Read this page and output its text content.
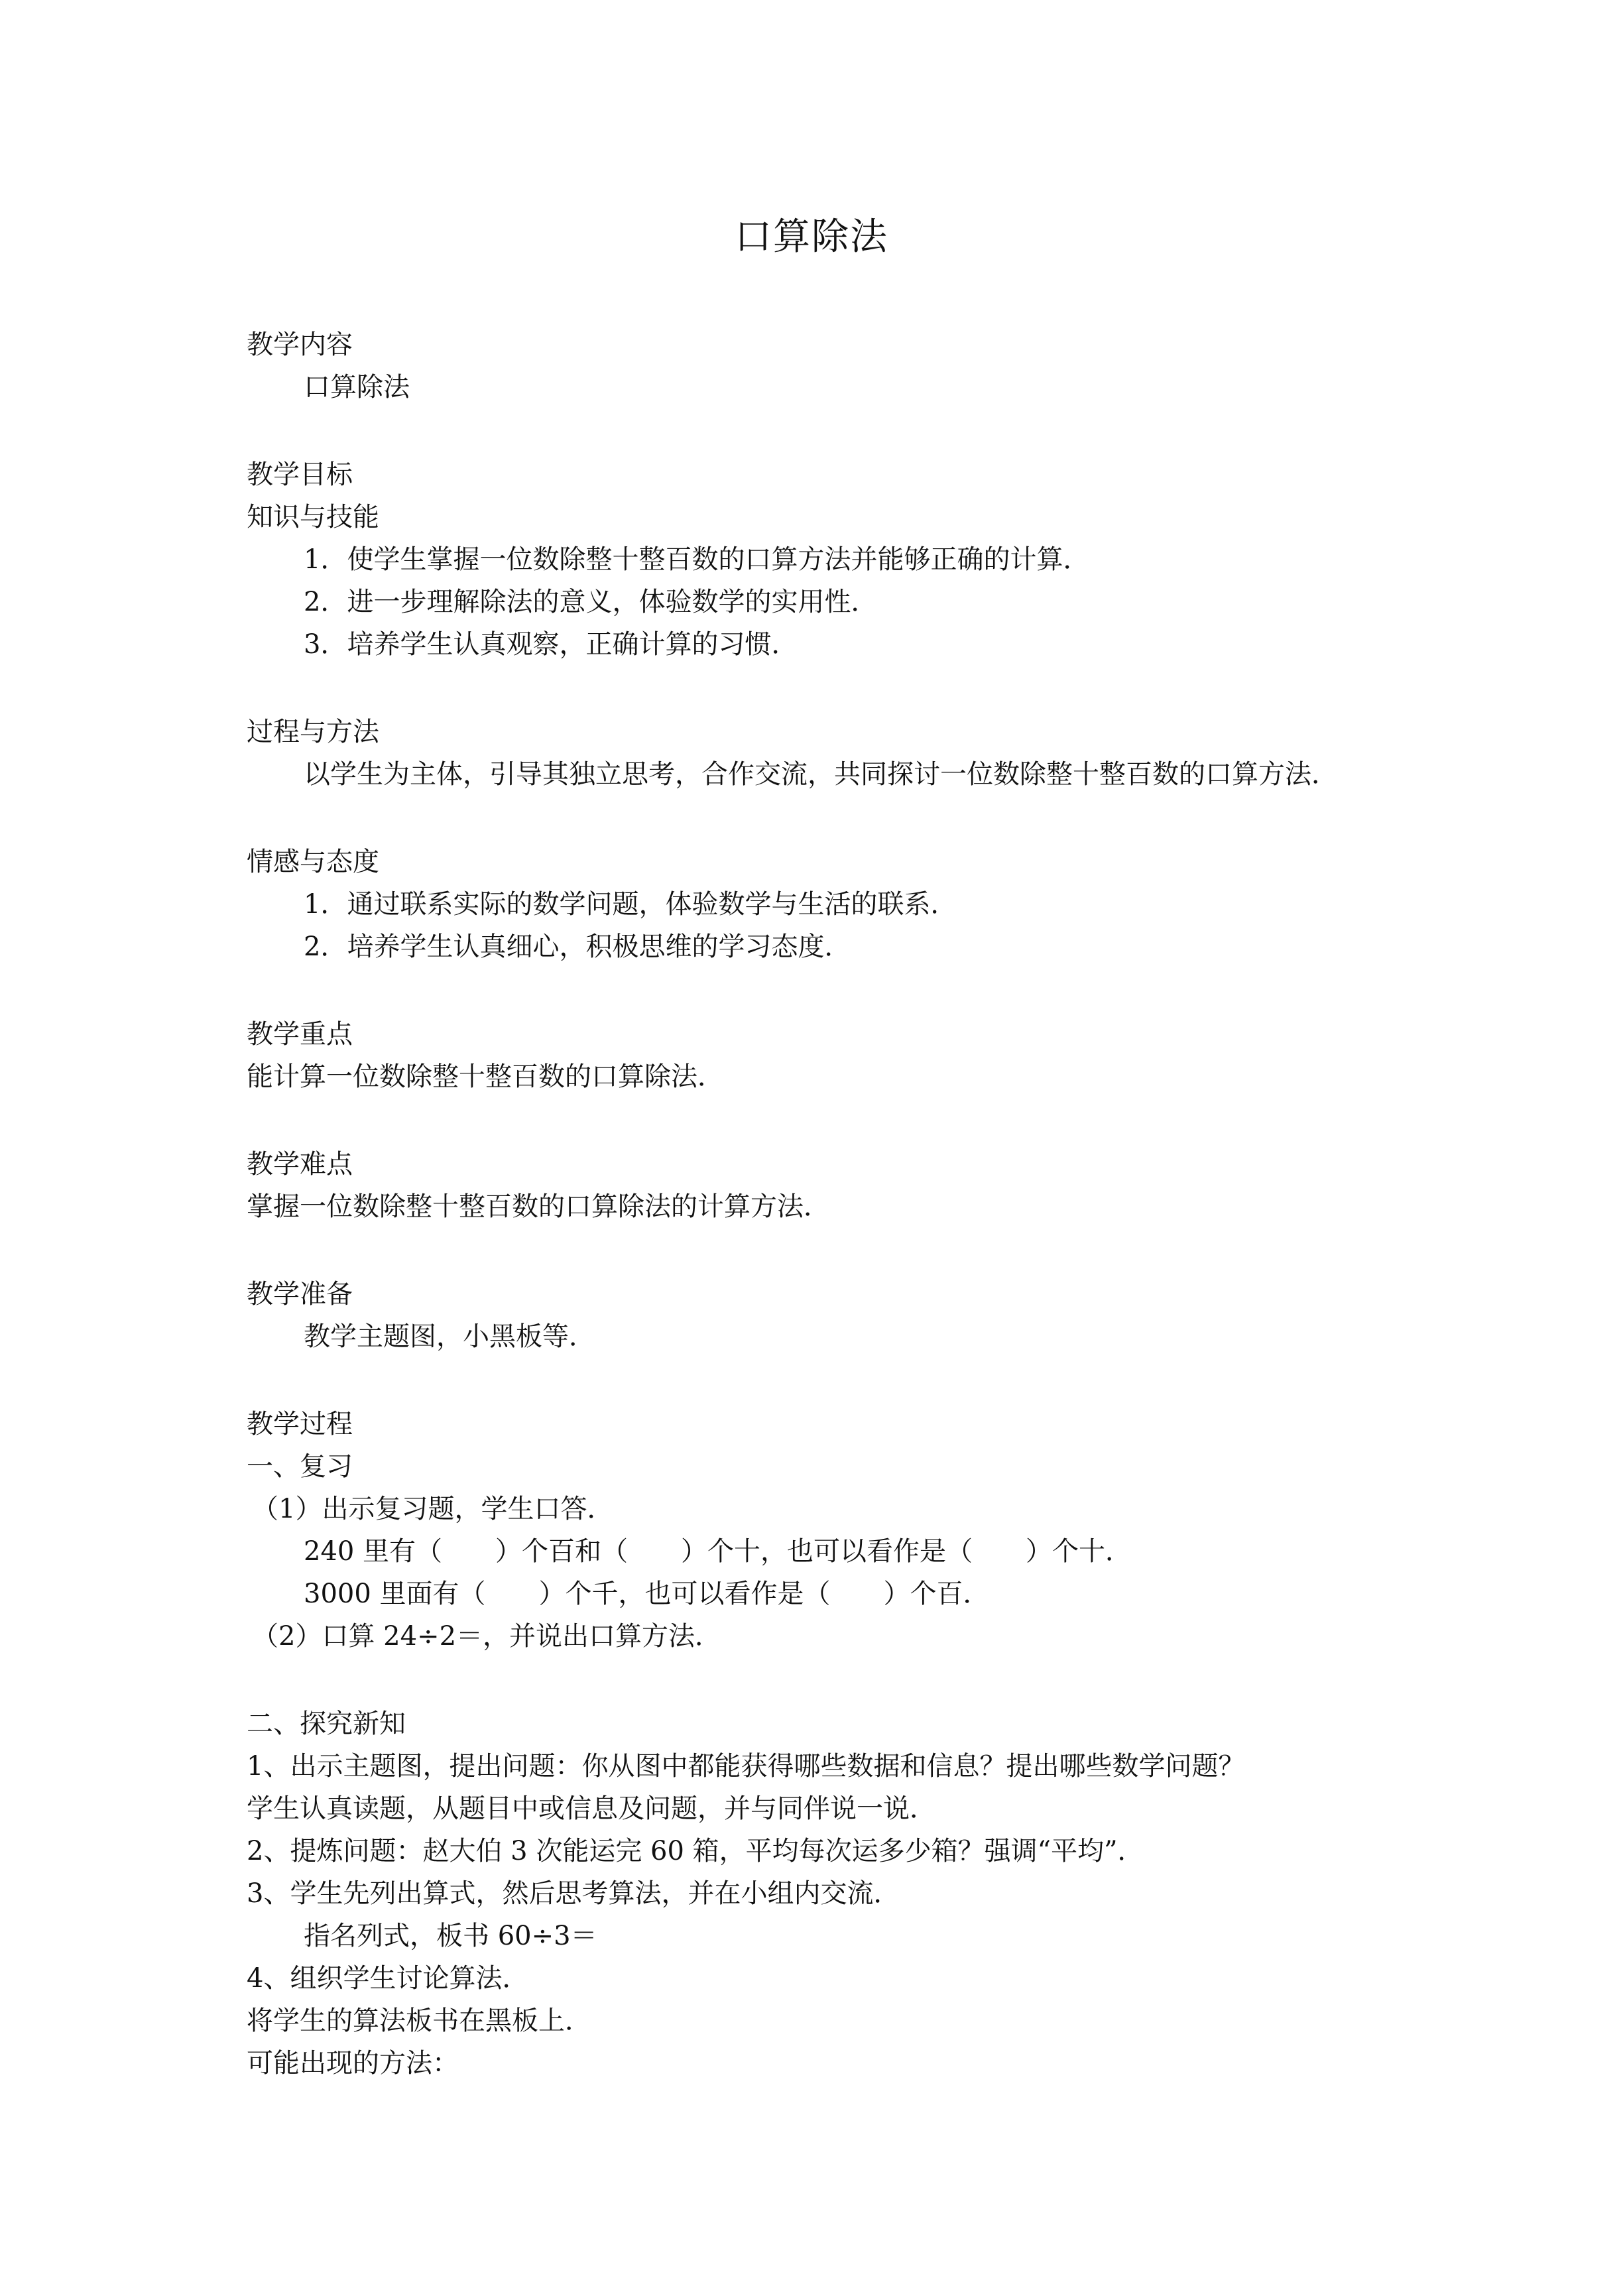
口算除法
教学内容
口算除法
教学目标
知识与技能
1．使学生掌握一位数除整十整百数的口算方法并能够正确的计算．
2．进一步理解除法的意义，体验数学的实用性．
3．培养学生认真观察，正确计算的习惯．
过程与方法
以学生为主体，引导其独立思考，合作交流，共同探讨一位数除整十整百数的口算方法．
情感与态度
1．通过联系实际的数学问题，体验数学与生活的联系．
2．培养学生认真细心，积极思维的学习态度．
教学重点
能计算一位数除整十整百数的口算除法．
教学难点
掌握一位数除整十整百数的口算除法的计算方法．
教学准备
教学主题图，小黑板等．
教学过程
一、复习
（1）出示复习题，学生口答．
240 里有（　　）个百和（　　）个十，也可以看作是（　　）个十．
3000 里面有（　　）个千，也可以看作是（　　）个百．
（2）口算 24÷2＝，并说出口算方法．
二、探究新知
1、出示主题图，提出问题：你从图中都能获得哪些数据和信息？提出哪些数学问题？
学生认真读题，从题目中或信息及问题，并与同伴说一说．
2、提炼问题：赵大伯 3 次能运完 60 箱，平均每次运多少箱？强调“平均”．
3、学生先列出算式，然后思考算法，并在小组内交流．
指名列式，板书 60÷3＝
4、组织学生讨论算法．
将学生的算法板书在黑板上．
可能出现的方法：
